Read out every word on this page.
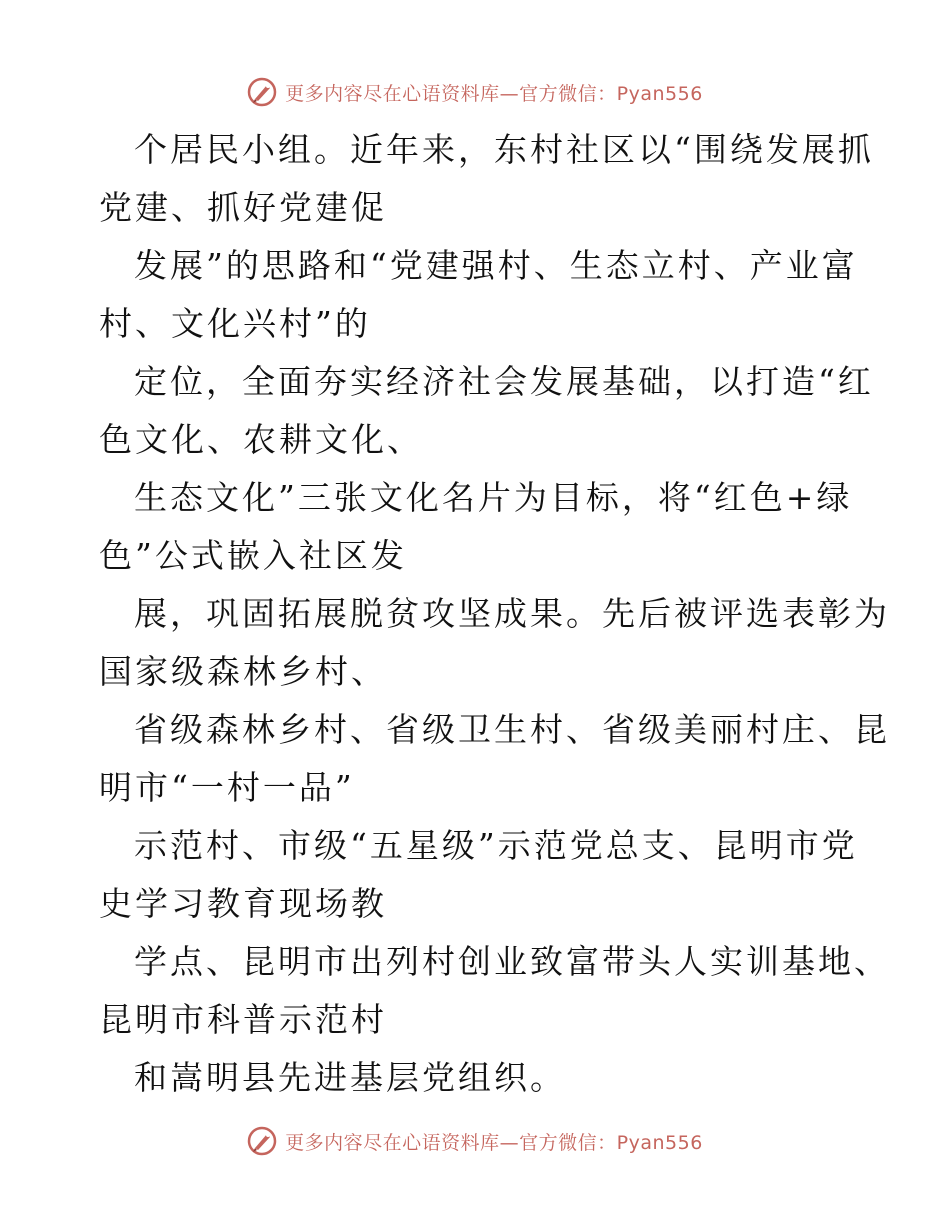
更多内容尽在心语资料库—官方微信：Pyan556
个居民小组。近年来，东村社区以“围绕发展抓
党建、抓好党建促
发展”的思路和“党建强村、生态立村、产业富
村、文化兴村”的
定位，全面夯实经济社会发展基础，以打造“红
色文化、农耕文化、
生态文化”三张文化名片为目标，将“红色+绿
色”公式嵌入社区发
展，巩固拓展脱贫攻坚成果。先后被评选表彰为
国家级森林乡村、
省级森林乡村、省级卫生村、省级美丽村庄、昆
明市“一村一品”
示范村、市级“五星级”示范党总支、昆明市党
史学习教育现场教
学点、昆明市出列村创业致富带头人实训基地、
昆明市科普示范村
和嵩明县先进基层党组织。
更多内容尽在心语资料库—官方微信：Pyan556
